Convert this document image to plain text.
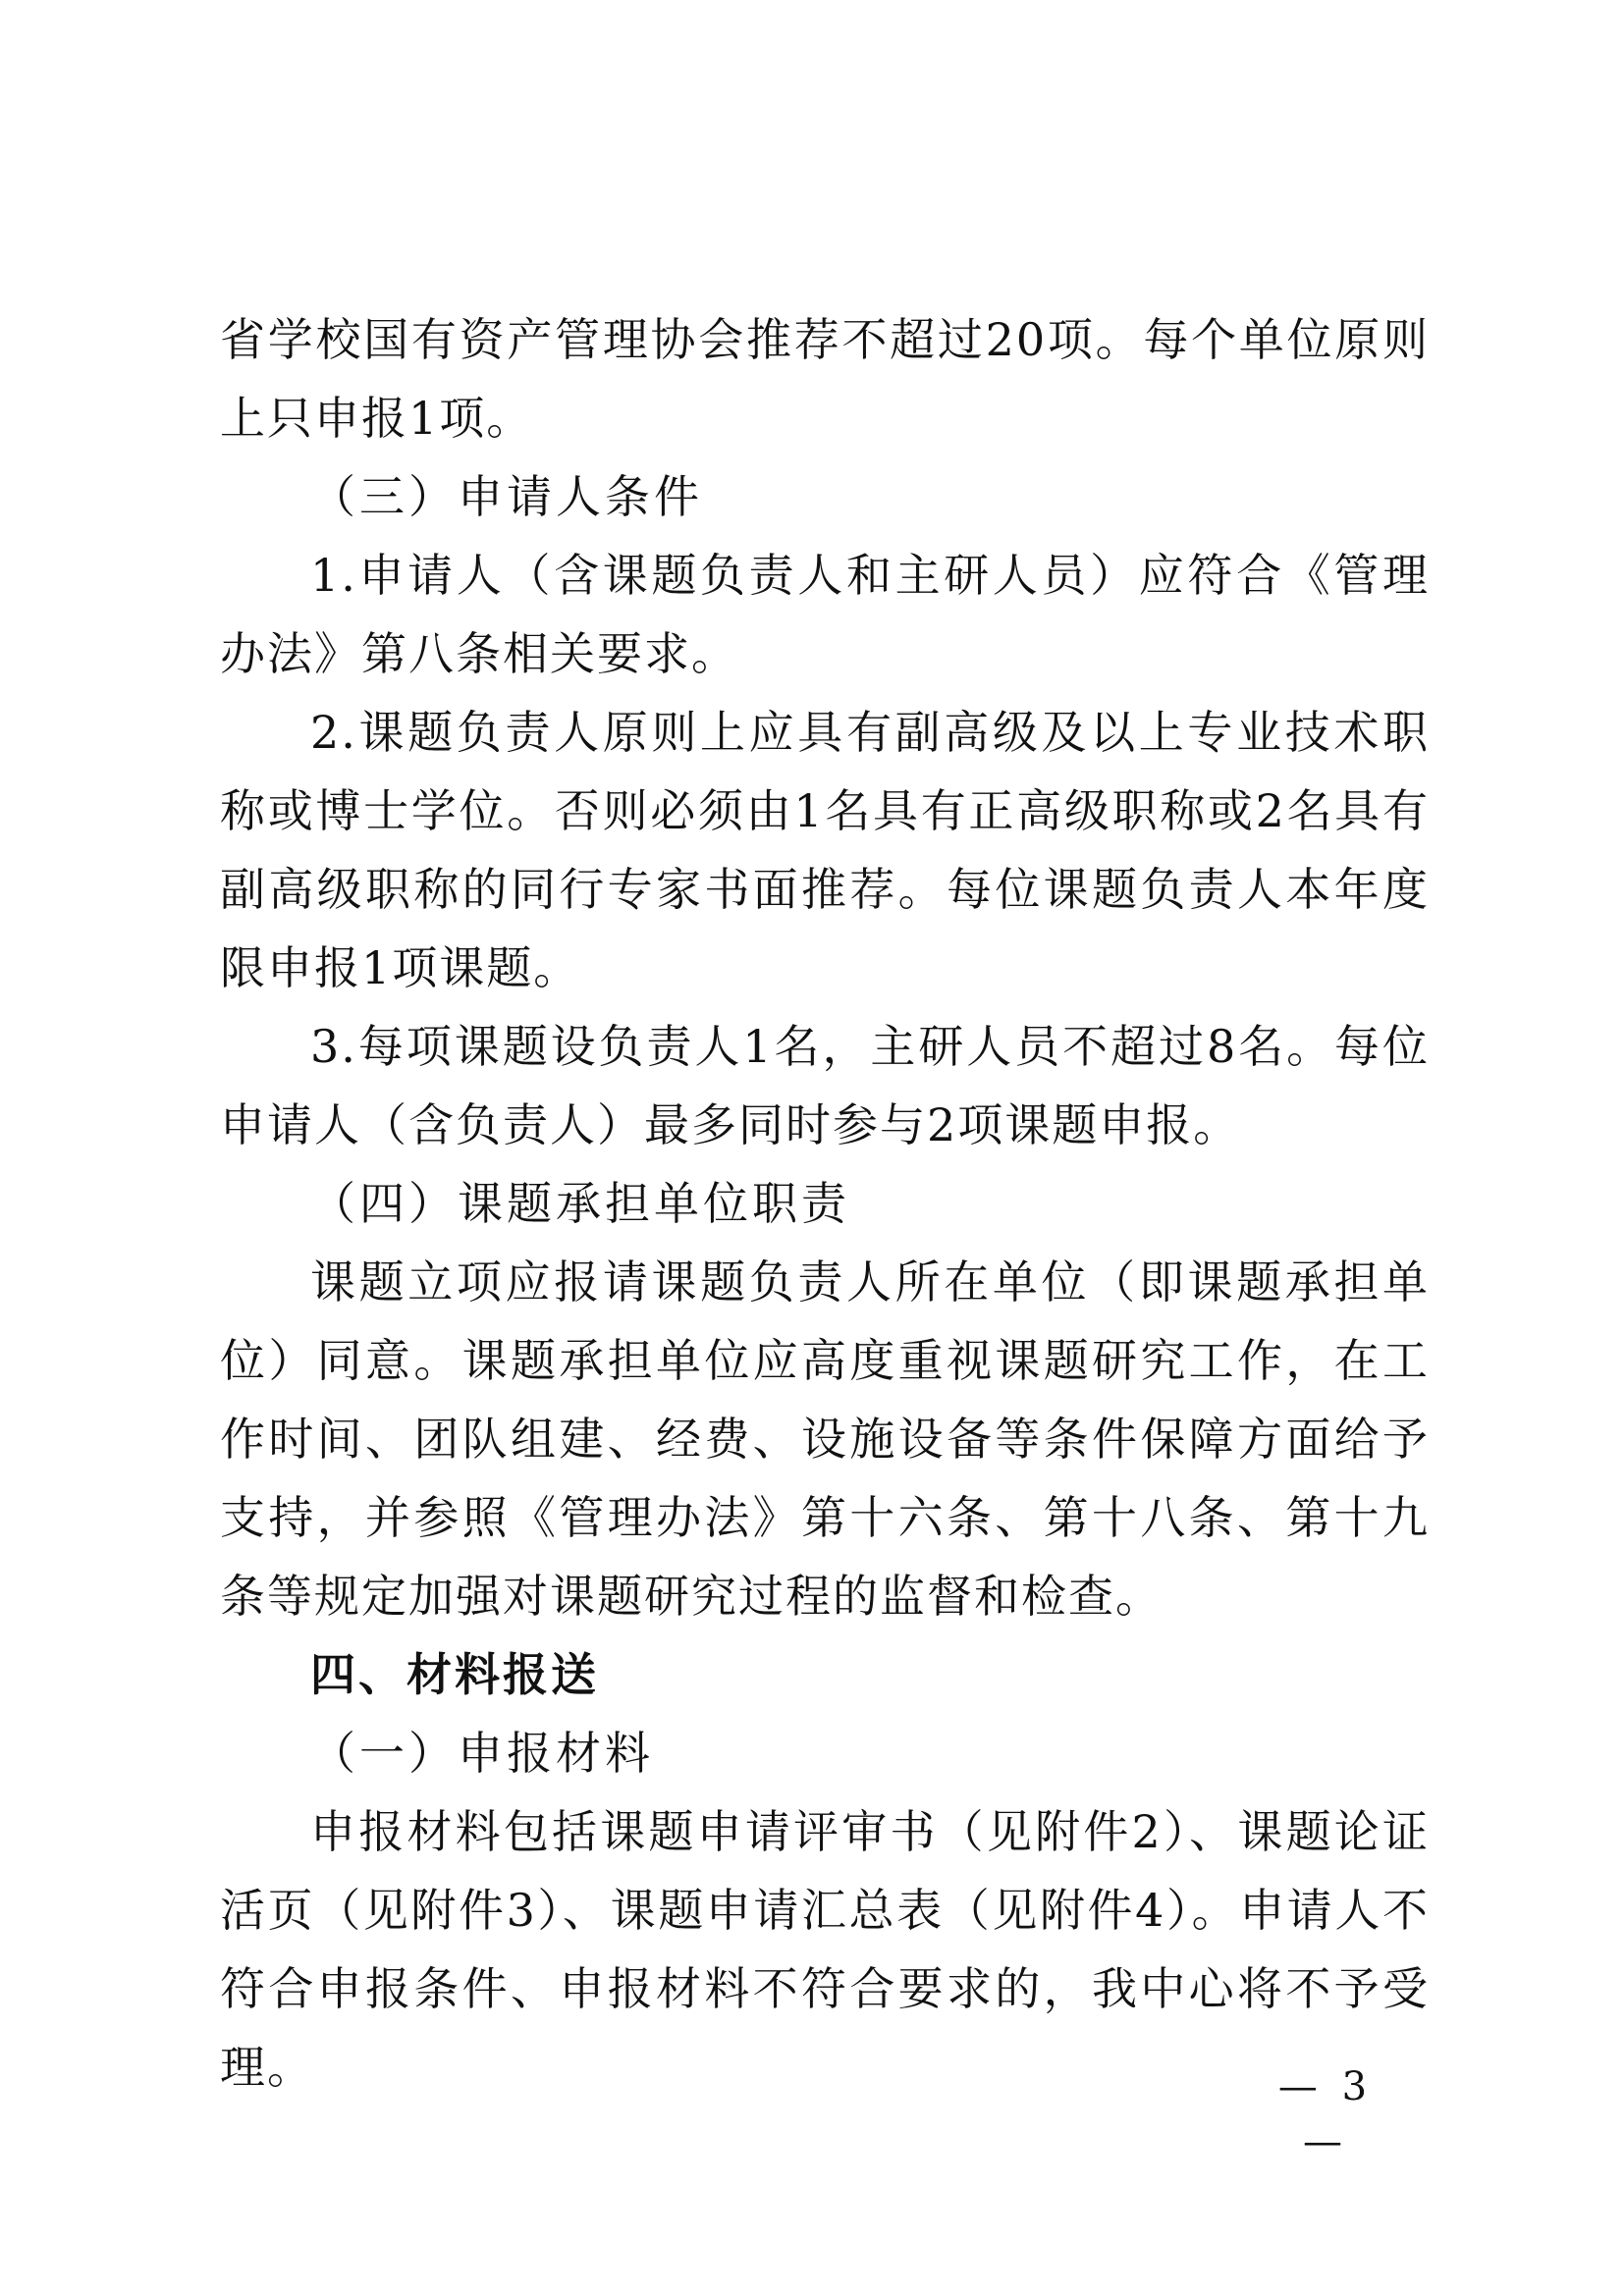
省学校国有资产管理协会推荐不超过20项。每个单位原则上只申报1项。

（三）申请人条件

1.申请人（含课题负责人和主研人员）应符合《管理办法》第八条相关要求。

2.课题负责人原则上应具有副高级及以上专业技术职称或博士学位。否则必须由1名具有正高级职称或2名具有副高级职称的同行专家书面推荐。每位课题负责人本年度限申报1项课题。

3.每项课题设负责人1名，主研人员不超过8名。每位申请人（含负责人）最多同时参与2项课题申报。

（四）课题承担单位职责

课题立项应报请课题负责人所在单位（即课题承担单位）同意。课题承担单位应高度重视课题研究工作，在工作时间、团队组建、经费、设施设备等条件保障方面给予支持，并参照《管理办法》第十六条、第十八条、第十九条等规定加强对课题研究过程的监督和检查。

四、材料报送

（一）申报材料

申报材料包括课题申请评审书（见附件2）、课题论证活页（见附件3）、课题申请汇总表（见附件4）。申请人不符合申报条件、申报材料不符合要求的，我中心将不予受理。	— 3 —
